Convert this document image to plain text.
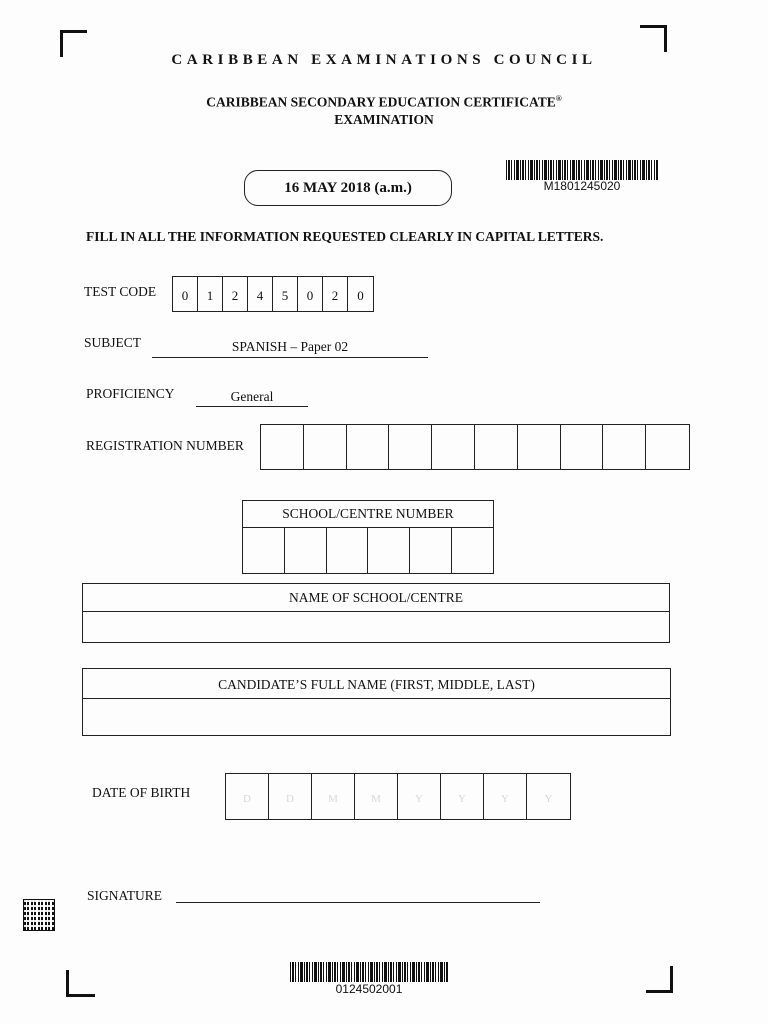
CARIBBEAN EXAMINATIONS COUNCIL
CARIBBEAN SECONDARY EDUCATION CERTIFICATE®
EXAMINATION
16 MAY 2018 (a.m.)	M1801245020
FILL IN ALL THE INFORMATION REQUESTED CLEARLY IN CAPITAL LETTERS.
TEST CODE	0	1	2	4	5	0	2	0
SUBJECT	SPANISH – Paper 02
PROFICIENCY	General
REGISTRATION NUMBER
SCHOOL/CENTRE NUMBER
NAME OF SCHOOL/CENTRE
CANDIDATE’S FULL NAME (FIRST, MIDDLE, LAST)
DATE OF BIRTH	D	D	M	M	Y	Y	Y	Y
SIGNATURE
0124502001
